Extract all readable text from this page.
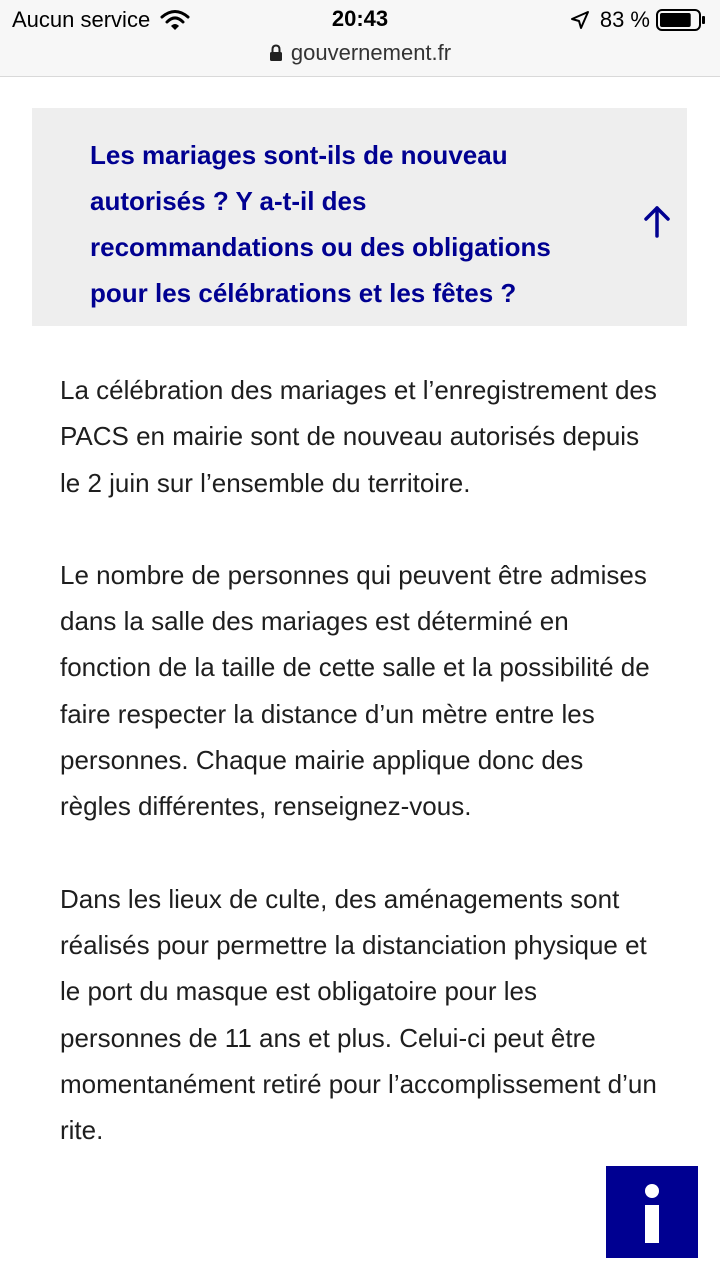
Aucun service	20:43	83 %
gouvernement.fr
Les mariages sont-ils de nouveau autorisés ? Y a-t-il des recommandations ou des obligations pour les célébrations et les fêtes ?

La célébration des mariages et l’enregistrement des PACS en mairie sont de nouveau autorisés depuis le 2 juin sur l’ensemble du territoire.

Le nombre de personnes qui peuvent être admises dans la salle des mariages est déterminé en fonction de la taille de cette salle et la possibilité de faire respecter la distance d’un mètre entre les personnes. Chaque mairie applique donc des règles différentes, renseignez-vous.

Dans les lieux de culte, des aménagements sont réalisés pour permettre la distanciation physique et le port du masque est obligatoire pour les personnes de 11 ans et plus. Celui-ci peut être momentanément retiré pour l’accomplissement d’un rite.
